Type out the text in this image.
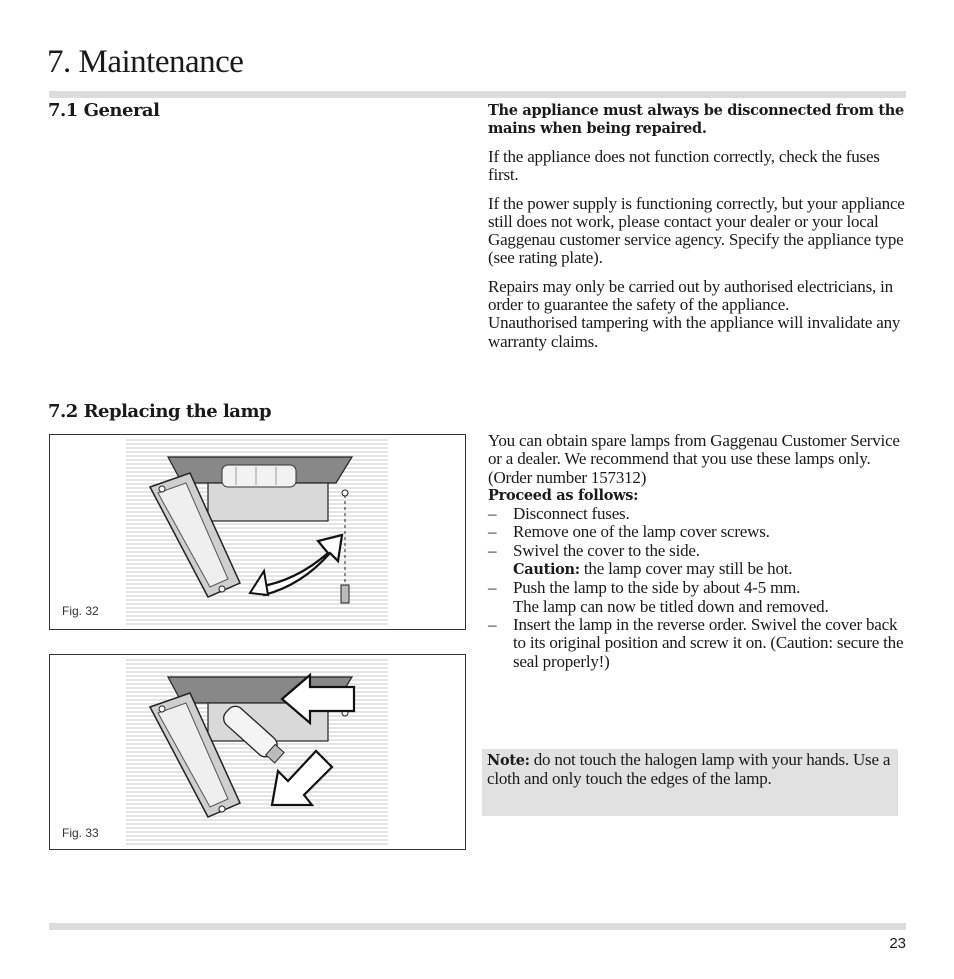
7. Maintenance
7.1 General	The appliance must always be disconnected from the mains when being repaired.

If the appliance does not function correctly, check the fuses first.

If the power supply is functioning correctly, but your appliance still does not work, please contact your dealer or your local Gaggenau customer service agency. Specify the appliance type (see rating plate).

Repairs may only be carried out by authorised electricians, in order to guarantee the safety of the appliance.

Unauthorised tampering with the appliance will invalidate any warranty claims.

7.2 Replacing the lamp

You can obtain spare lamps from Gaggenau Customer Service or a dealer. We recommend that you use these lamps only. (Order number 157312)

Proceed as follows:
– Disconnect fuses.
– Remove one of the lamp cover screws.
– Swivel the cover to the side.
Caution: the lamp cover may still be hot.
– Push the lamp to the side by about 4-5 mm.
The lamp can now be titled down and removed.
– Insert the lamp in the reverse order. Swivel the cover back to its original position and screw it on. (Caution: secure the seal properly!)
Fig. 32
Fig. 33
Note: do not touch the halogen lamp with your hands. Use a cloth and only touch the edges of the lamp.
23
